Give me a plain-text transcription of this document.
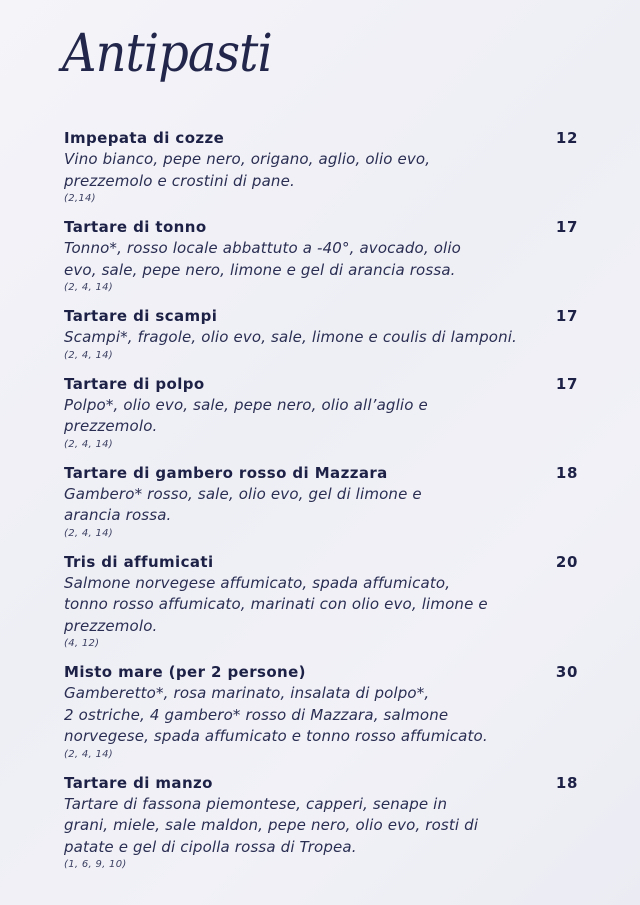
Antipasti
Impepata di cozze	12
Vino bianco, pepe nero, origano, aglio, olio evo,
prezzemolo e crostini di pane.
(2,14)
Tartare di tonno	17
Tonno*, rosso locale abbattuto a -40°, avocado, olio
evo, sale, pepe nero, limone e gel di arancia rossa.
(2, 4, 14)
Tartare di scampi	17
Scampi*, fragole, olio evo, sale, limone e coulis di lamponi.
(2, 4, 14)
Tartare di polpo	17
Polpo*, olio evo, sale, pepe nero, olio all’aglio e
prezzemolo.
(2, 4, 14)
Tartare di gambero rosso di Mazzara	18
Gambero* rosso, sale, olio evo, gel di limone e
arancia rossa.
(2, 4, 14)
Tris di affumicati	20
Salmone norvegese affumicato, spada affumicato,
tonno rosso affumicato, marinati con olio evo, limone e
prezzemolo.
(4, 12)
Misto mare (per 2 persone)	30
Gamberetto*, rosa marinato, insalata di polpo*,
2 ostriche, 4 gambero* rosso di Mazzara, salmone
norvegese, spada affumicato e tonno rosso affumicato.
(2, 4, 14)
Tartare di manzo	18
Tartare di fassona piemontese, capperi, senape in
grani, miele, sale maldon, pepe nero, olio evo, rosti di
patate e gel di cipolla rossa di Tropea.
(1, 6, 9, 10)
